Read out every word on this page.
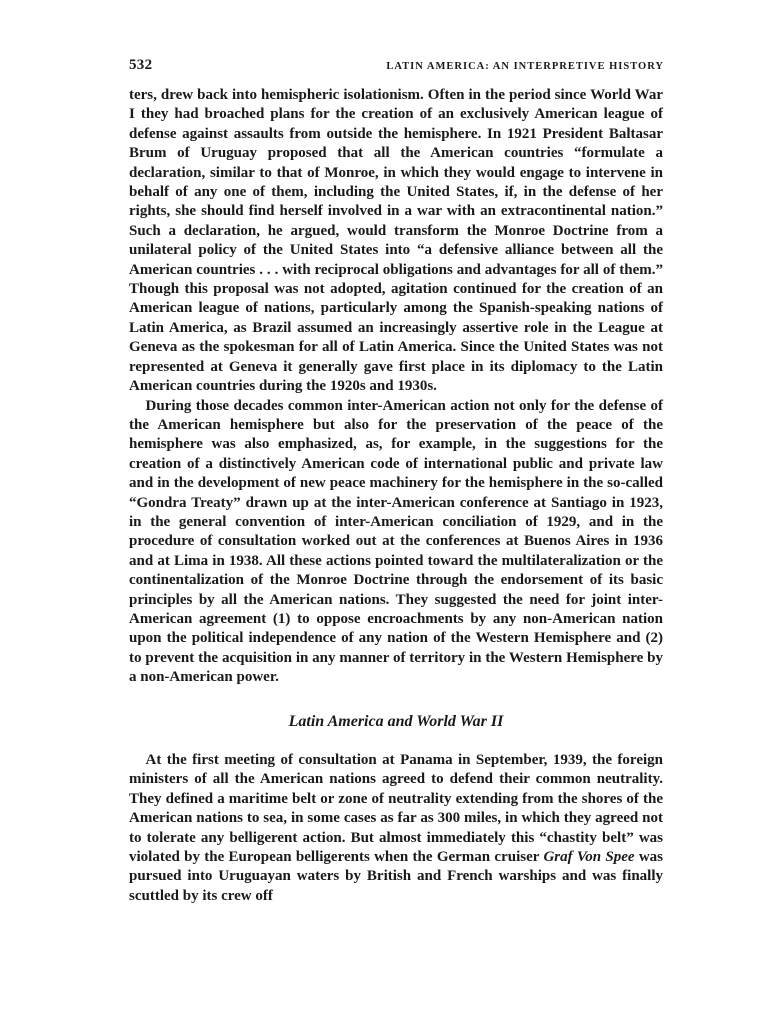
532	LATIN AMERICA: AN INTERPRETIVE HISTORY

ters, drew back into hemispheric isolationism. Often in the period since World War I they had broached plans for the creation of an exclusively American league of defense against assaults from outside the hemisphere. In 1921 President Baltasar Brum of Uruguay proposed that all the American countries “formulate a declaration, similar to that of Monroe, in which they would engage to intervene in behalf of any one of them, including the United States, if, in the defense of her rights, she should find herself involved in a war with an extracontinental nation.” Such a declaration, he argued, would transform the Monroe Doctrine from a unilateral policy of the United States into “a defensive alliance between all the American countries . . . with reciprocal obligations and advantages for all of them.” Though this proposal was not adopted, agitation continued for the creation of an American league of nations, particularly among the Spanish-speaking nations of Latin America, as Brazil assumed an increasingly assertive role in the League at Geneva as the spokesman for all of Latin America. Since the United States was not represented at Geneva it generally gave first place in its diplomacy to the Latin American countries during the 1920s and 1930s.

During those decades common inter-American action not only for the defense of the American hemisphere but also for the preservation of the peace of the hemisphere was also emphasized, as, for example, in the suggestions for the creation of a distinctively American code of international public and private law and in the development of new peace machinery for the hemisphere in the so-called “Gondra Treaty” drawn up at the inter-American conference at Santiago in 1923, in the general convention of inter-American conciliation of 1929, and in the procedure of consultation worked out at the conferences at Buenos Aires in 1936 and at Lima in 1938. All these actions pointed toward the multilateralization or the continentalization of the Monroe Doctrine through the endorsement of its basic principles by all the American nations. They suggested the need for joint inter-American agreement (1) to oppose encroachments by any non-American nation upon the political independence of any nation of the Western Hemisphere and (2) to prevent the acquisition in any manner of territory in the Western Hemisphere by a non-American power.

Latin America and World War II

At the first meeting of consultation at Panama in September, 1939, the foreign ministers of all the American nations agreed to defend their common neutrality. They defined a maritime belt or zone of neutrality extending from the shores of the American nations to sea, in some cases as far as 300 miles, in which they agreed not to tolerate any belligerent action. But almost immediately this “chastity belt” was violated by the European belligerents when the German cruiser Graf Von Spee was pursued into Uruguayan waters by British and French warships and was finally scuttled by its crew off
